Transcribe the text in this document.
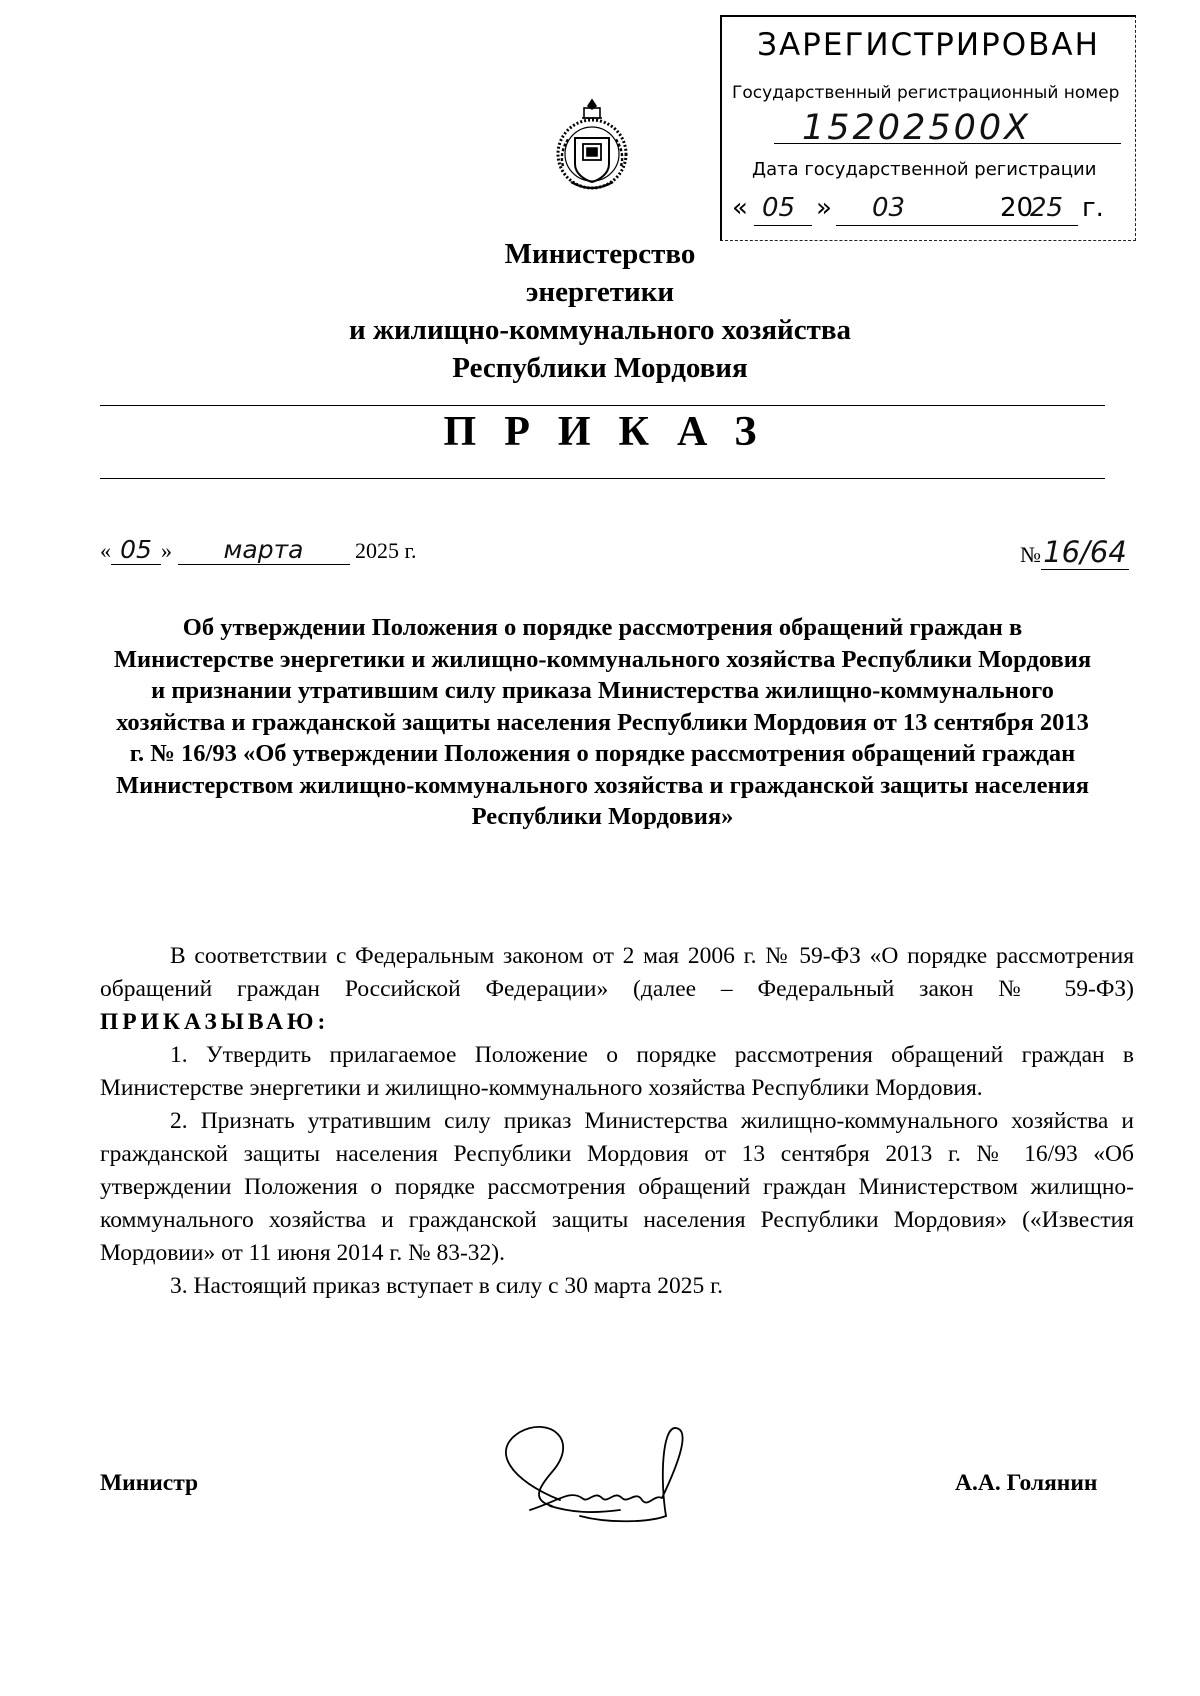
ЗАРЕГИСТРИРОВАН
Государственный регистрационный номер
15202500Х
Дата государственной регистрации
« 05 » 03	20
25 г.
Министерство
энергетики
и жилищно-коммунального хозяйства
Республики Мордовия
ПРИКАЗ
« 05 » марта 2025 г.	№16/64
Об утверждении Положения о порядке рассмотрения обращений граждан в Министерстве энергетики и жилищно-коммунального хозяйства Республики Мордовия и признании утратившим силу приказа Министерства жилищно-коммунального хозяйства и гражданской защиты населения Республики Мордовия от 13 сентября 2013 г. № 16/93 «Об утверждении Положения о порядке рассмотрения обращений граждан Министерством жилищно-коммунального хозяйства и гражданской защиты населения Республики Мордовия»

В соответствии с Федеральным законом от 2 мая 2006 г. № 59-ФЗ «О порядке рассмотрения обращений граждан Российской Федерации» (далее – Федеральный закон № 59-ФЗ) ПРИКАЗЫВАЮ:

1. Утвердить прилагаемое Положение о порядке рассмотрения обращений граждан в Министерстве энергетики и жилищно-коммунального хозяйства Республики Мордовия.

2. Признать утратившим силу приказ Министерства жилищно-коммунального хозяйства и гражданской защиты населения Республики Мордовия от 13 сентября 2013 г. № 16/93 «Об утверждении Положения о порядке рассмотрения обращений граждан Министерством жилищно-коммунального хозяйства и гражданской защиты населения Республики Мордовия» («Известия Мордовии» от 11 июня 2014 г. № 83-32).

3. Настоящий приказ вступает в силу с 30 марта 2025 г.

Министр	А.А. Голянин
